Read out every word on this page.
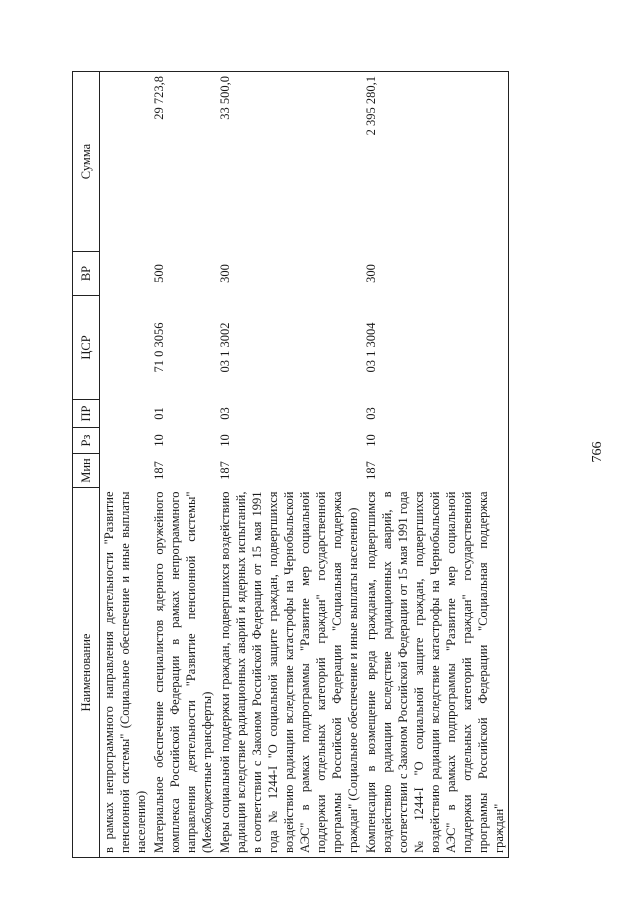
766
Наименование	Мин	Рз	ПР	ЦСР	ВР	Сумма
в рамках непрограммного направления деятельности "Развитие пенсионной системы" (Социальное обеспечение и иные выплаты населению)						
Материальное обеспечение специалистов ядерного оружейного комплекса Российской Федерации в рамках непрограммного направления деятельности "Развитие пенсионной системы" (Межбюджетные трансферты)	187	10	01	71 0 3056	500	29 723,8
Меры социальной поддержки граждан, подвергшихся воздействию радиации вследствие радиационных аварий и ядерных испытаний, в соответствии с Законом Российской Федерации от 15 мая 1991 года № 1244-I "О социальной защите граждан, подвергшихся воздействию радиации вследствие катастрофы на Чернобыльской АЭС" в рамках подпрограммы "Развитие мер социальной поддержки отдельных категорий граждан" государственной программы Российской Федерации "Социальная поддержка граждан" (Социальное обеспечение и иные выплаты населению)	187	10	03	03 1 3002	300	33 500,0
Компенсация в возмещение вреда гражданам, подвергшимся воздействию радиации вследствие радиационных аварий, в соответствии с Законом Российской Федерации от 15 мая 1991 года № 1244-I "О социальной защите граждан, подвергшихся воздействию радиации вследствие катастрофы на Чернобыльской АЭС" в рамках подпрограммы "Развитие мер социальной поддержки отдельных категорий граждан" государственной программы Российской Федерации "Социальная поддержка граждан"	187	10	03	03 1 3004	300	2 395 280,1
